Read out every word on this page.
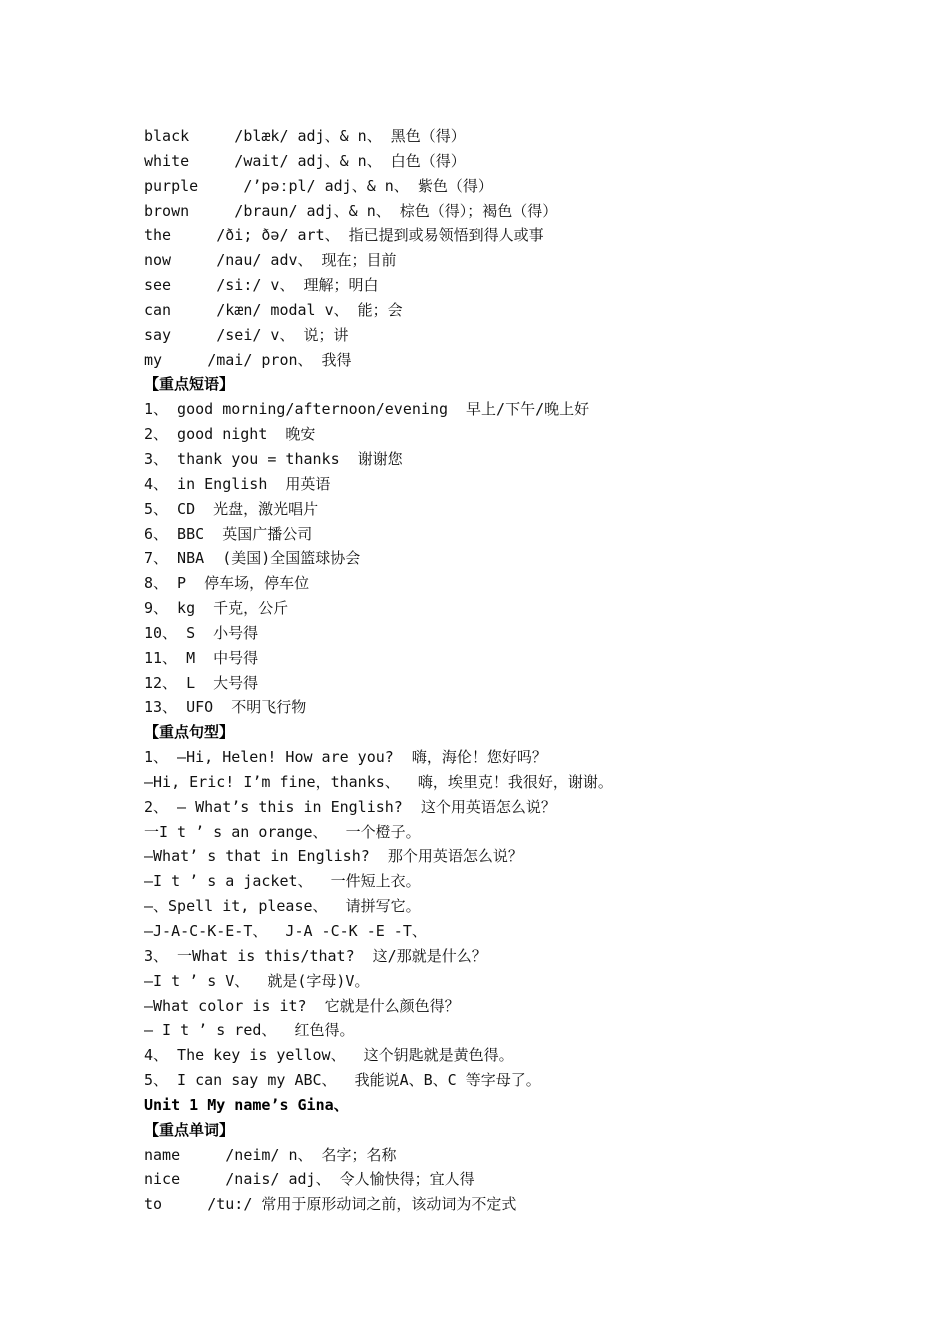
black     /blæk/ adj、& n、 黑色（得）
white     /wait/ adj、& n、 白色（得）
purple     /’pəːpl/ adj、& n、 紫色（得）
brown     /braun/ adj、& n、 棕色（得）；褐色（得）
the     /ði; ðə/ art、 指已提到或易领悟到得人或事
now     /nau/ adv、 现在；目前
see     /si:/ v、 理解；明白
can     /kæn/ modal v、 能；会
say     /sei/ v、 说；讲
my     /mai/ pron、 我得
【重点短语】
1、 good morning/afternoon/evening  早上/下午/晚上好
2、 good night  晚安
3、 thank you = thanks  谢谢您
4、 in English  用英语
5、 CD  光盘，激光唱片
6、 BBC  英国广播公司
7、 NBA  (美国)全国篮球协会
8、 P  停车场，停车位
9、 kg  千克，公斤
10、 S  小号得
11、 M  中号得
12、 L  大号得
13、 UFO  不明飞行物
【重点句型】
1、 —Hi, Helen! How are you?  嗨，海伦！您好吗？
—Hi, Eric! I’m fine，thanks、  嗨，埃里克！我很好，谢谢。
2、 — What’s this in English?  这个用英语怎么说？
一I t ’ s an orange、  一个橙子。
—What’ s that in English?  那个用英语怎么说？
—I t ’ s a jacket、  一件短上衣。
—、Spell it, please、  请拼写它。
—J-A-C-K-E-T、  J-A -C-K -E -T、
3、 一What is this/that?  这/那就是什么？
—I t ’ s V、  就是(字母)V。
—What color is it?  它就是什么颜色得？
— I t ’ s red、  红色得。
4、 The key is yellow、  这个钥匙就是黄色得。
5、 I can say my ABC、  我能说A、B、C 等字母了。
Unit 1 My name’s Gina、
【重点单词】
name     /neim/ n、 名字；名称
nice     /nais/ adj、 令人愉快得；宜人得
to     /tu:/ 常用于原形动词之前，该动词为不定式
